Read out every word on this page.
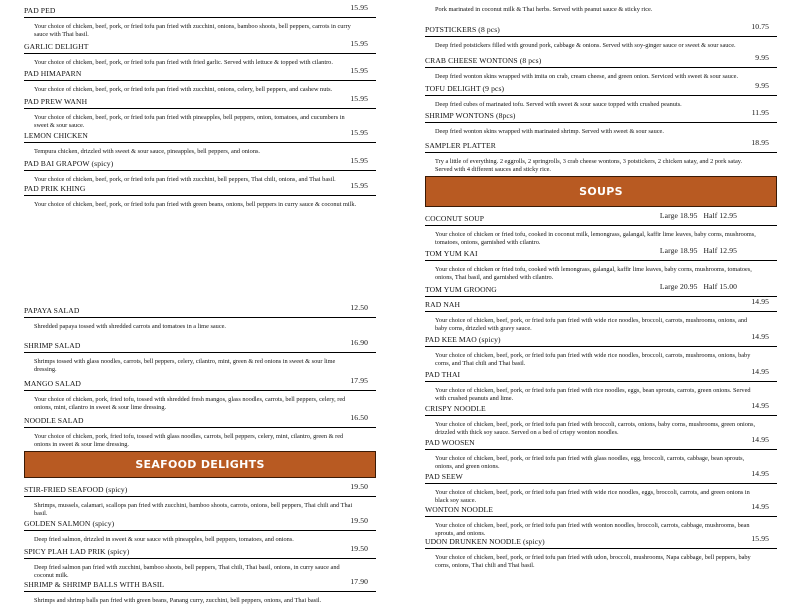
SEAFOOD DELIGHTS
PAD PED	15.95
Your choice of chicken, beef, pork, or fried tofu pan fried with zucchini, onions, bamboo shoots, bell peppers, carrots in curry sauce with Thai basil.
GARLIC DELIGHT	15.95
Your choice of chicken, beef, pork, or fried tofu pan fried with fried garlic. Served with lettuce & topped with cilantro.
PAD HIMAPARN	15.95
Your choice of chicken, beef, pork, or fried tofu pan fried with zucchini, onions, celery, bell peppers, and cashew nuts.
PAD PREW WANH	15.95
Your choice of chicken, beef, pork, or fried tofu pan fried with pineapples, bell peppers, onion, tomatoes, and cucumbers in sweet & sour sauce.
LEMON CHICKEN	15.95
Tempura chicken, drizzled with sweet & sour sauce, pineapples, bell peppers, and onions.
PAD BAI GRAPOW (spicy)	15.95
Your choice of chicken, beef, pork, or fried tofu pan fried with zucchini, bell peppers, Thai chili, onions, and Thai basil.
PAD PRIK KHING	15.95
Your choice of chicken, beef, pork, or fried tofu pan fried with green beans, onions, bell peppers in curry sauce & coconut milk.
PAPAYA SALAD	12.50
Shredded papaya tossed with shredded carrots and tomatoes in a lime sauce.
SHRIMP SALAD	16.90
Shrimps tossed with glass noodles, carrots, bell peppers, celery, cilantro, mint, green & red onions in sweet & sour lime dressing.
MANGO SALAD	17.95
Your choice of chicken, pork, fried tofu, tossed with shredded fresh mangos, glass noodles, carrots, bell peppers, celery, red onions, mint, cilantro in sweet & sour lime dressing.
NOODLE SALAD	16.50
Your choice of chicken, pork, fried tofu, tossed with glass noodles, carrots, bell peppers, celery, mint, cilantro, green & red onions in sweet & sour lime dressing.
STIR-FRIED SEAFOOD (spicy)	19.50
Shrimps, mussels, calamari, scallops pan fried with zucchini, bamboo shoots, carrots, onions, bell peppers, Thai chili and Thai basil.
GOLDEN SALMON (spicy)	19.50
Deep fried salmon, drizzled in sweet & sour sauce with pineapples, bell peppers, tomatoes, and onions.
SPICY PLAH LAD PRIK (spicy)	19.50
Deep fried salmon pan fried with zucchini, bamboo shoots, bell peppers, Thai chili, Thai basil, onions, in curry sauce and coconut milk.
SHRIMP & SHRIMP BALLS WITH BASIL	17.90
Shrimps and shrimp balls pan fried with green beans, Panang curry, zucchini, bell peppers, onions, and Thai basil.
SOUPS
Pork marinated in coconut milk & Thai herbs. Served with peanut sauce & sticky rice.
POTSTICKERS (8 pcs)	10.75
Deep fried potstickers filled with ground pork, cabbage & onions. Served with soy-ginger sauce or sweet & sour sauce.
CRAB CHEESE WONTONS (8 pcs)	9.95
Deep fried wonton skins wrapped with imita on crab, cream cheese, and green onion. Serviced with sweet & sour sauce.
TOFU DELIGHT (9 pcs)	9.95
Deep fried cubes of marinated tofu. Served with sweet & sour sauce topped with crushed peanuts.
SHRIMP WONTONS (8pcs)	11.95
Deep fried wonton skins wrapped with marinated shrimp. Served with sweet & sour sauce.
SAMPLER PLATTER	18.95
Try a little of everything. 2 eggrolls, 2 springrolls, 3 crab cheese wontons, 3 potstickers, 2 chicken satay, and 2 pork satay. Served with 4 different sauces and sticky rice.
COCONUT SOUP	Large 18.95   Half 12.95
Your choice of chicken or fried tofu, cooked in coconut milk, lemongrass, galangal, kaffir lime leaves, baby corns, mushrooms, tomatoes, onions, garnished with cilantro.
TOM YUM KAI	Large 18.95   Half 12.95
Your choice of chicken or fried tofu, cooked with lemongrass, galangal, kaffir lime leaves, baby corns, mushrooms, tomatoes, onions, Thai basil, and garnished with cilantro.
TOM YUM GROONG	Large 20.95   Half 15.00
RAD NAH	14.95
Your choice of chicken, beef, pork, or fried tofu pan fried with wide rice noodles, broccoli, carrots, mushrooms, onions, and baby corns, drizzled with gravy sauce.
PAD KEE MAO (spicy)	14.95
Your choice of chicken, beef, pork, or fried tofu pan fried with wide rice noodles, broccoli, carrots, mushrooms, onions, baby corns, and Thai chili and Thai basil.
PAD THAI	14.95
Your choice of chicken, beef, pork, or fried tofu pan fried with rice noodles, eggs, bean sprouts, carrots, green onions. Served with crushed peanuts and lime.
CRISPY NOODLE	14.95
Your choice of chicken, beef, pork, or fried tofu pan fried with broccoli, carrots, onions, baby corns, mushrooms, green onions, drizzled with thick soy sauce. Served on a bed of crispy wonton noodles.
PAD WOOSEN	14.95
Your choice of chicken, beef, pork, or fried tofu pan fried with glass noodles, egg, broccoli, carrots, cabbage, bean sprouts, onions, and green onions.
PAD SEEW	14.95
Your choice of chicken, beef, pork, or fried tofu pan fried with wide rice noodles, eggs, broccoli, carrots, and green onions in black soy sauce.
WONTON NOODLE	14.95
Your choice of chicken, beef, pork, or fried tofu pan fried with wonton noodles, broccoli, carrots, cabbage, mushrooms, bean sprouts, and onions.
UDON DRUNKEN NOODLE (spicy)	15.95
Your choice of chicken, beef, pork, or fried tofu pan fried with udon, broccoli, mushrooms, Napa cabbage, bell peppers, baby corns, onions, Thai chili and Thai basil.
